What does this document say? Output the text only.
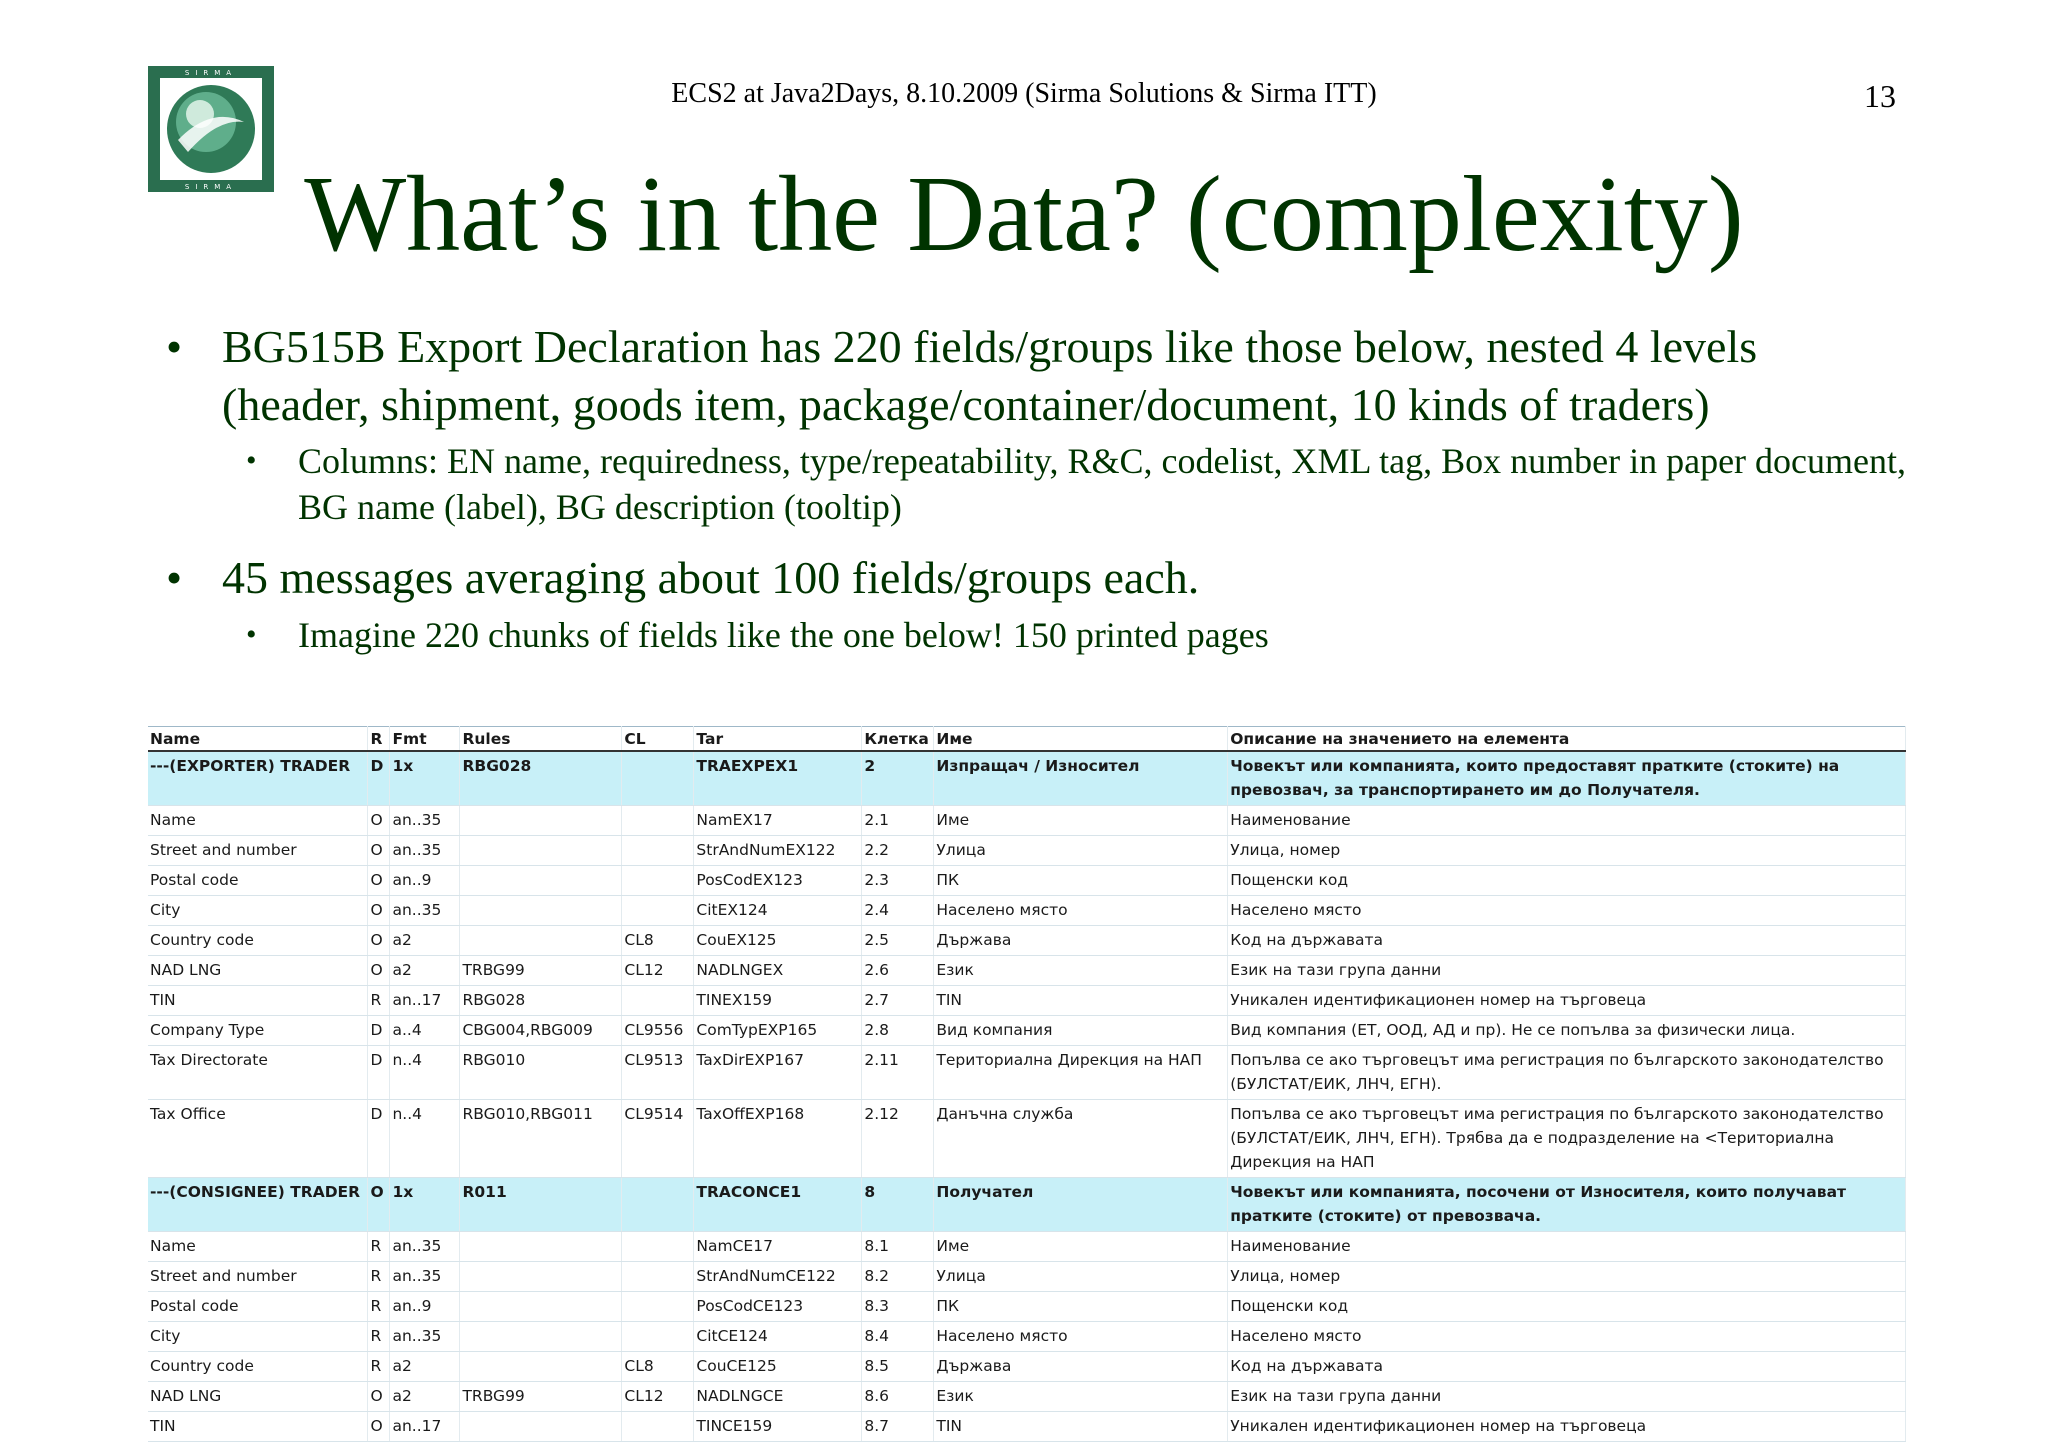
SIRMA
SIRMA
ECS2 at Java2Days, 8.10.2009 (Sirma Solutions & Sirma ITT)	13
What’s in the Data? (complexity)
• BG515B Export Declaration has 220 fields/groups like those below, nested 4 levels (header, shipment, goods item, package/container/document, 10 kinds of traders)
• Columns: EN name, requiredness, type/repeatability, R&C, codelist, XML tag, Box number in paper document, BG name (label), BG description (tooltip)
• 45 messages averaging about 100 fields/groups each.
• Imagine 220 chunks of fields like the one below! 150 printed pages
Name	R	Fmt	Rules	CL	Tar	Клетка	Име	Описание на значението на елемента
---(EXPORTER) TRADER	D	1x	RBG028		TRAEXPEX1	2	Изпращач / Износител	Човекът или компанията, които предоставят пратките (стоките) на превозвач, за транспортирането им до Получателя.
Name	O	an..35			NamEX17	2.1	Име	Наименование
Street and number	O	an..35			StrAndNumEX122	2.2	Улица	Улица, номер
Postal code	O	an..9			PosCodEX123	2.3	ПК	Пощенски код
City	O	an..35			CitEX124	2.4	Населено място	Населено място
Country code	O	a2		CL8	CouEX125	2.5	Държава	Код на държавата
NAD LNG	O	a2	TRBG99	CL12	NADLNGEX	2.6	Език	Език на тази група данни
TIN	R	an..17	RBG028		TINEX159	2.7	TIN	Уникален идентификационен номер на търговеца
Company Type	D	a..4	CBG004,RBG009	CL9556	ComTypEXP165	2.8	Вид компания	Вид компания (ЕТ, ООД, АД и пр). Не се попълва за физически лица.
Tax Directorate	D	n..4	RBG010	CL9513	TaxDirEXP167	2.11	Териториална Дирекция на НАП	Попълва се ако търговецът има регистрация по българското законодателство (БУЛСТАТ/ЕИК, ЛНЧ, ЕГН).
Tax Office	D	n..4	RBG010,RBG011	CL9514	TaxOffEXP168	2.12	Данъчна служба	Попълва се ако търговецът има регистрация по българското законодателство (БУЛСТАТ/ЕИК, ЛНЧ, ЕГН). Трябва да е подразделение на <Териториална Дирекция на НАП
---(CONSIGNEE) TRADER	O	1x	R011		TRACONCE1	8	Получател	Човекът или компанията, посочени от Износителя, които получават пратките (стоките) от превозвача.
Name	R	an..35			NamCE17	8.1	Име	Наименование
Street and number	R	an..35			StrAndNumCE122	8.2	Улица	Улица, номер
Postal code	R	an..9			PosCodCE123	8.3	ПК	Пощенски код
City	R	an..35			CitCE124	8.4	Населено място	Населено място
Country code	R	a2		CL8	CouCE125	8.5	Държава	Код на държавата
NAD LNG	O	a2	TRBG99	CL12	NADLNGCE	8.6	Език	Език на тази група данни
TIN	O	an..17			TINCE159	8.7	TIN	Уникален идентификационен номер на търговеца
